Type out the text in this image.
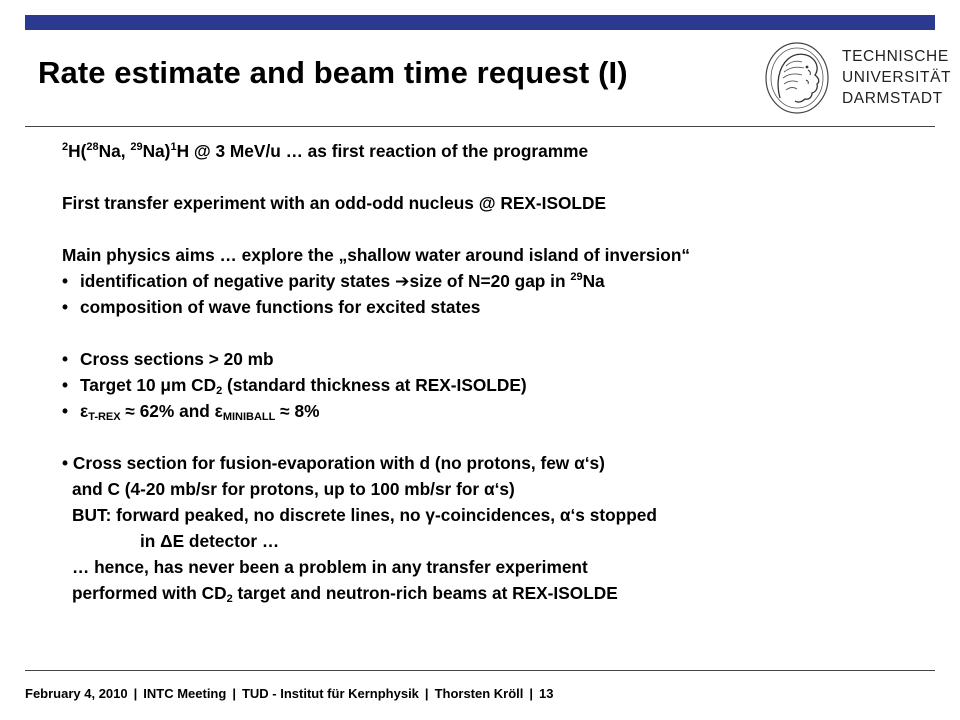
Rate estimate and beam time request (I)	TECHNISCHE
UNIVERSITÄT
DARMSTADT
$^2$H($^{28}$Na, $^{29}$Na)$^1$H @ 3 MeV/u … as first reaction of the programme
First transfer experiment with an odd-odd nucleus @ REX-ISOLDE
Main physics aims … explore the „shallow water around island of inversion“
• identification of negative parity states ➔size of N=20 gap in $^{29}$Na
• composition of wave functions for excited states
• Cross sections > 20 mb
• Target 10 μm $CD_2$ (standard thickness at REX-ISOLDE)
• $\varepsilon_{T-REX} \approx 62\%$ and $\varepsilon_{MINIBALL} \approx 8\%$
• Cross section for fusion-evaporation with d (no protons, few α‘s)
and C (4-20 mb/sr for protons, up to 100 mb/sr for α‘s)
BUT: forward peaked, no discrete lines, no γ-coincidences, α‘s stopped
in ΔE detector …
… hence, has never been a problem in any transfer experiment
performed with $CD_2$ target and neutron-rich beams at REX-ISOLDE
February 4, 2010 | INTC Meeting | TUD - Institut für Kernphysik | Thorsten Kröll | 13
